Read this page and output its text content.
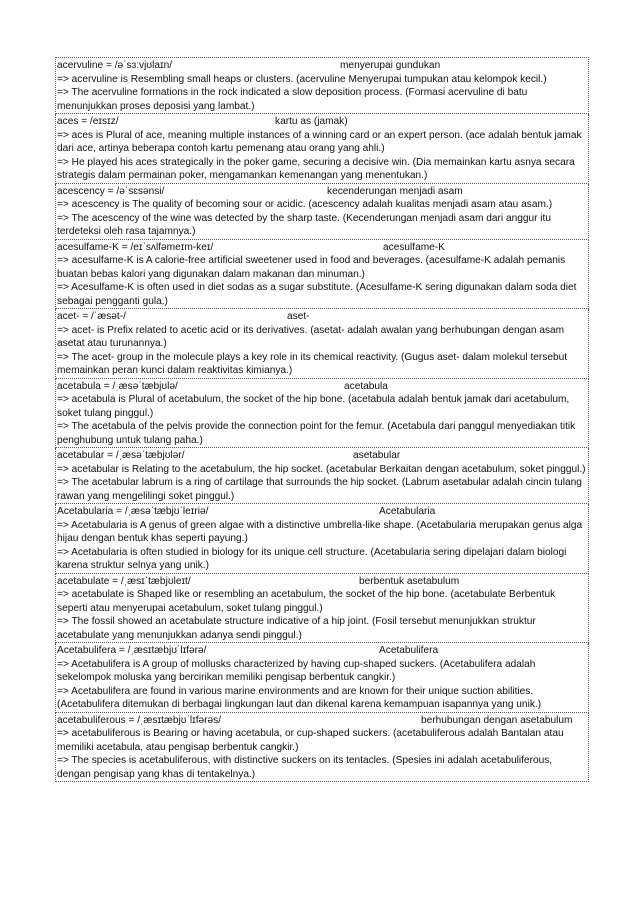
acervuline = /əˈsɜːvjʊlaɪn/	menyerupai gundukan

=> acervuline is Resembling small heaps or clusters. (acervuline Menyerupai tumpukan atau kelompok kecil.)

=> The acervuline formations in the rock indicated a slow deposition process. (Formasi acervuline di batu menunjukkan proses deposisi yang lambat.)

aces = /eɪsɪz/	kartu as (jamak)

=> aces is Plural of ace, meaning multiple instances of a winning card or an expert person. (ace adalah bentuk jamak dari ace, artinya beberapa contoh kartu pemenang atau orang yang ahli.)

=> He played his aces strategically in the poker game, securing a decisive win. (Dia memainkan kartu asnya secara strategis dalam permainan poker, mengamankan kemenangan yang menentukan.)

acescency = /əˈsɛsənsi/	kecenderungan menjadi asam

=> acescency is The quality of becoming sour or acidic. (acescency adalah kualitas menjadi asam atau asam.)

=> The acescency of the wine was detected by the sharp taste. (Kecenderungan menjadi asam dari anggur itu terdeteksi oleh rasa tajamnya.)

acesulfame-K = /eɪˈsʌlfəmeɪm-keɪ/	acesulfame-K

=> acesulfame-K is A calorie-free artificial sweetener used in food and beverages. (acesulfame-K adalah pemanis buatan bebas kalori yang digunakan dalam makanan dan minuman.)

=> Acesulfame-K is often used in diet sodas as a sugar substitute. (Acesulfame-K sering digunakan dalam soda diet sebagai pengganti gula.)

acet- = /ˈæsət-/	aset-

=> acet- is Prefix related to acetic acid or its derivatives. (asetat- adalah awalan yang berhubungan dengan asam asetat atau turunannya.)

=> The acet- group in the molecule plays a key role in its chemical reactivity. (Gugus aset- dalam molekul tersebut memainkan peran kunci dalam reaktivitas kimianya.)

acetabula = /ˌæsəˈtæbjʊlə/	acetabula

=> acetabula is Plural of acetabulum, the socket of the hip bone. (acetabula adalah bentuk jamak dari acetabulum, soket tulang pinggul.)

=> The acetabula of the pelvis provide the connection point for the femur. (Acetabula dari panggul menyediakan titik penghubung untuk tulang paha.)

acetabular = /ˌæsəˈtæbjʊlər/	asetabular

=> acetabular is Relating to the acetabulum, the hip socket. (acetabular Berkaitan dengan acetabulum, soket pinggul.)

=> The acetabular labrum is a ring of cartilage that surrounds the hip socket. (Labrum asetabular adalah cincin tulang rawan yang mengelilingi soket pinggul.)

Acetabularia = /ˌæsəˈtæbjʊˈleɪriə/	Acetabularia

=> Acetabularia is A genus of green algae with a distinctive umbrella-like shape. (Acetabularia merupakan genus alga hijau dengan bentuk khas seperti payung.)

=> Acetabularia is often studied in biology for its unique cell structure. (Acetabularia sering dipelajari dalam biologi karena struktur selnya yang unik.)

acetabulate = /ˌæsɪˈtæbjʊleɪt/	berbentuk asetabulum

=> acetabulate is Shaped like or resembling an acetabulum, the socket of the hip bone. (acetabulate Berbentuk seperti atau menyerupai acetabulum, soket tulang pinggul.)

=> The fossil showed an acetabulate structure indicative of a hip joint. (Fosil tersebut menunjukkan struktur acetabulate yang menunjukkan adanya sendi pinggul.)

Acetabulifera = /ˌæsɪtæbjʊˈlɪfərə/	Acetabulifera

=> Acetabulifera is A group of mollusks characterized by having cup-shaped suckers. (Acetabulifera adalah sekelompok moluska yang bercirikan memiliki pengisap berbentuk cangkir.)

=> Acetabulifera are found in various marine environments and are known for their unique suction abilities. (Acetabulifera ditemukan di berbagai lingkungan laut dan dikenal karena kemampuan isapannya yang unik.)

acetabuliferous = /ˌæsɪtæbjʊˈlɪfərəs/	berhubungan dengan asetabulum

=> acetabuliferous is Bearing or having acetabula, or cup-shaped suckers. (acetabuliferous adalah Bantalan atau memiliki acetabula, atau pengisap berbentuk cangkir.)

=> The species is acetabuliferous, with distinctive suckers on its tentacles. (Spesies ini adalah acetabuliferous, dengan pengisap yang khas di tentakelnya.)
